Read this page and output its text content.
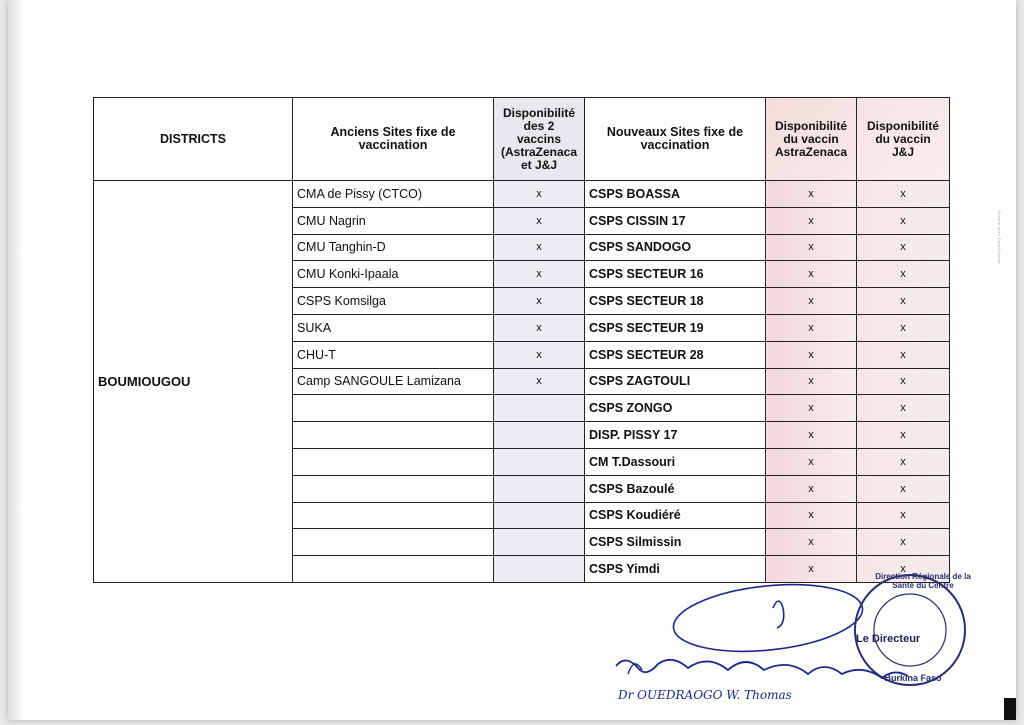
Scanné avec CamScanner
DISTRICTS	Anciens Sites fixe de vaccination	Disponibilité
des 2
vaccins
(AstraZenaca
et J&J	Nouveaux Sites fixe de vaccination	Disponibilité
du vaccin
AstraZenaca	Disponibilité
du vaccin
J&J
BOUMIOUGOU	CMA de Pissy (CTCO)	x	CSPS BOASSA	x	x
	CMU Nagrin	x	CSPS CISSIN 17	x	x
	CMU Tanghin-D	x	CSPS SANDOGO	x	x
	CMU Konki-Ipaala	x	CSPS SECTEUR 16	x	x
	CSPS Komsilga	x	CSPS SECTEUR 18	x	x
	SUKA	x	CSPS SECTEUR 19	x	x
	CHU-T	x	CSPS SECTEUR 28	x	x
	Camp SANGOULE Lamizana	x	CSPS ZAGTOULI	x	x
			CSPS ZONGO	x	x
			DISP. PISSY 17	x	x
			CM T.Dassouri	x	x
			CSPS Bazoulé	x	x
			CSPS Koudiéré	x	x
			CSPS Silmissin	x	x
			CSPS Yimdi	x	x
Le Directeur
Direction Régionale de la Santé du Centre
Burkina Faso
Dr OUEDRAOGO W. Thomas
